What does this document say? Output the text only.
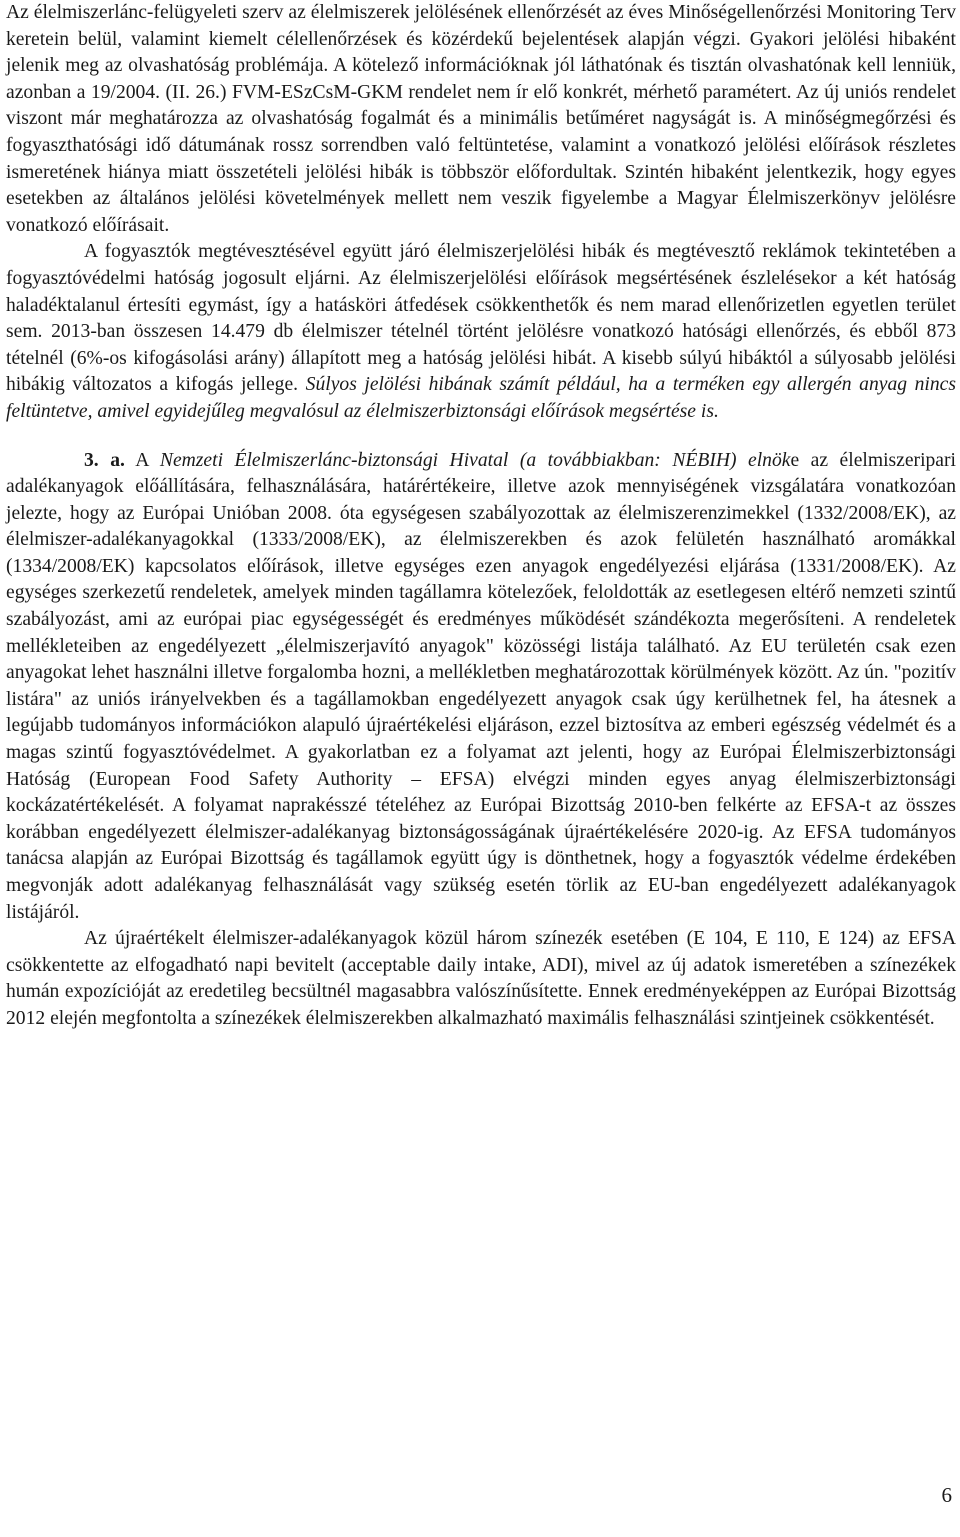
Az élelmiszerlánc-felügyeleti szerv az élelmiszerek jelölésének ellenőrzését az éves Minőségellenőrzési Monitoring Terv keretein belül, valamint kiemelt célellenőrzések és közérdekű bejelentések alapján végzi. Gyakori jelölési hibaként jelenik meg az olvashatóság problémája. A kötelező információknak jól láthatónak és tisztán olvashatónak kell lenniük, azonban a 19/2004. (II. 26.) FVM-ESzCsM-GKM rendelet nem ír elő konkrét, mérhető paramétert. Az új uniós rendelet viszont már meghatározza az olvashatóság fogalmát és a minimális betűméret nagyságát is. A minőségmegőrzési és fogyaszthatósági idő dátumának rossz sorrendben való feltüntetése, valamint a vonatkozó jelölési előírások részletes ismeretének hiánya miatt összetételi jelölési hibák is többször előfordultak. Szintén hibaként jelentkezik, hogy egyes esetekben az általános jelölési követelmények mellett nem veszik figyelembe a Magyar Élelmiszerkönyv jelölésre vonatkozó előírásait.

A fogyasztók megtévesztésével együtt járó élelmiszerjelölési hibák és megtévesztő reklámok tekintetében a fogyasztóvédelmi hatóság jogosult eljárni. Az élelmiszerjelölési előírások megsértésének észlelésekor a két hatóság haladéktalanul értesíti egymást, így a hatásköri átfedések csökkenthetők és nem marad ellenőrizetlen egyetlen terület sem. 2013-ban összesen 14.479 db élelmiszer tételnél történt jelölésre vonatkozó hatósági ellenőrzés, és ebből 873 tételnél (6%-os kifogásolási arány) állapított meg a hatóság jelölési hibát. A kisebb súlyú hibáktól a súlyosabb jelölési hibákig változatos a kifogás jellege. Súlyos jelölési hibának számít például, ha a terméken egy allergén anyag nincs feltüntetve, amivel egyidejűleg megvalósul az élelmiszerbiztonsági előírások megsértése is.

3. a. A Nemzeti Élelmiszerlánc-biztonsági Hivatal (a továbbiakban: NÉBIH) elnöke az élelmiszeripari adalékanyagok előállítására, felhasználására, határértékeire, illetve azok mennyiségének vizsgálatára vonatkozóan jelezte, hogy az Európai Unióban 2008. óta egységesen szabályozottak az élelmiszerenzimekkel (1332/2008/EK), az élelmiszer-adalékanyagokkal (1333/2008/EK), az élelmiszerekben és azok felületén használható aromákkal (1334/2008/EK) kapcsolatos előírások, illetve egységes ezen anyagok engedélyezési eljárása (1331/2008/EK). Az egységes szerkezetű rendeletek, amelyek minden tagállamra kötelezőek, feloldották az esetlegesen eltérő nemzeti szintű szabályozást, ami az európai piac egységességét és eredményes működését szándékozta megerősíteni. A rendeletek mellékleteiben az engedélyezett „élelmiszerjavító anyagok" közösségi listája található. Az EU területén csak ezen anyagokat lehet használni illetve forgalomba hozni, a mellékletben meghatározottak körülmények között. Az ún. "pozitív listára" az uniós irányelvekben és a tagállamokban engedélyezett anyagok csak úgy kerülhetnek fel, ha átesnek a legújabb tudományos információkon alapuló újraértékelési eljáráson, ezzel biztosítva az emberi egészség védelmét és a magas szintű fogyasztóvédelmet. A gyakorlatban ez a folyamat azt jelenti, hogy az Európai Élelmiszerbiztonsági Hatóság (European Food Safety Authority – EFSA) elvégzi minden egyes anyag élelmiszerbiztonsági kockázatértékelését. A folyamat naprakésszé tételéhez az Európai Bizottság 2010-ben felkérte az EFSA-t az összes korábban engedélyezett élelmiszer-adalékanyag biztonságosságának újraértékelésére 2020-ig. Az EFSA tudományos tanácsa alapján az Európai Bizottság és tagállamok együtt úgy is dönthetnek, hogy a fogyasztók védelme érdekében megvonják adott adalékanyag felhasználását vagy szükség esetén törlik az EU-ban engedélyezett adalékanyagok listájáról.

Az újraértékelt élelmiszer-adalékanyagok közül három színezék esetében (E 104, E 110, E 124) az EFSA csökkentette az elfogadható napi bevitelt (acceptable daily intake, ADI), mivel az új adatok ismeretében a színezékek humán expozícióját az eredetileg becsültnél magasabbra valószínűsítette. Ennek eredményeképpen az Európai Bizottság 2012 elején megfontolta a színezékek élelmiszerekben alkalmazható maximális felhasználási szintjeinek csökkentését.

6
